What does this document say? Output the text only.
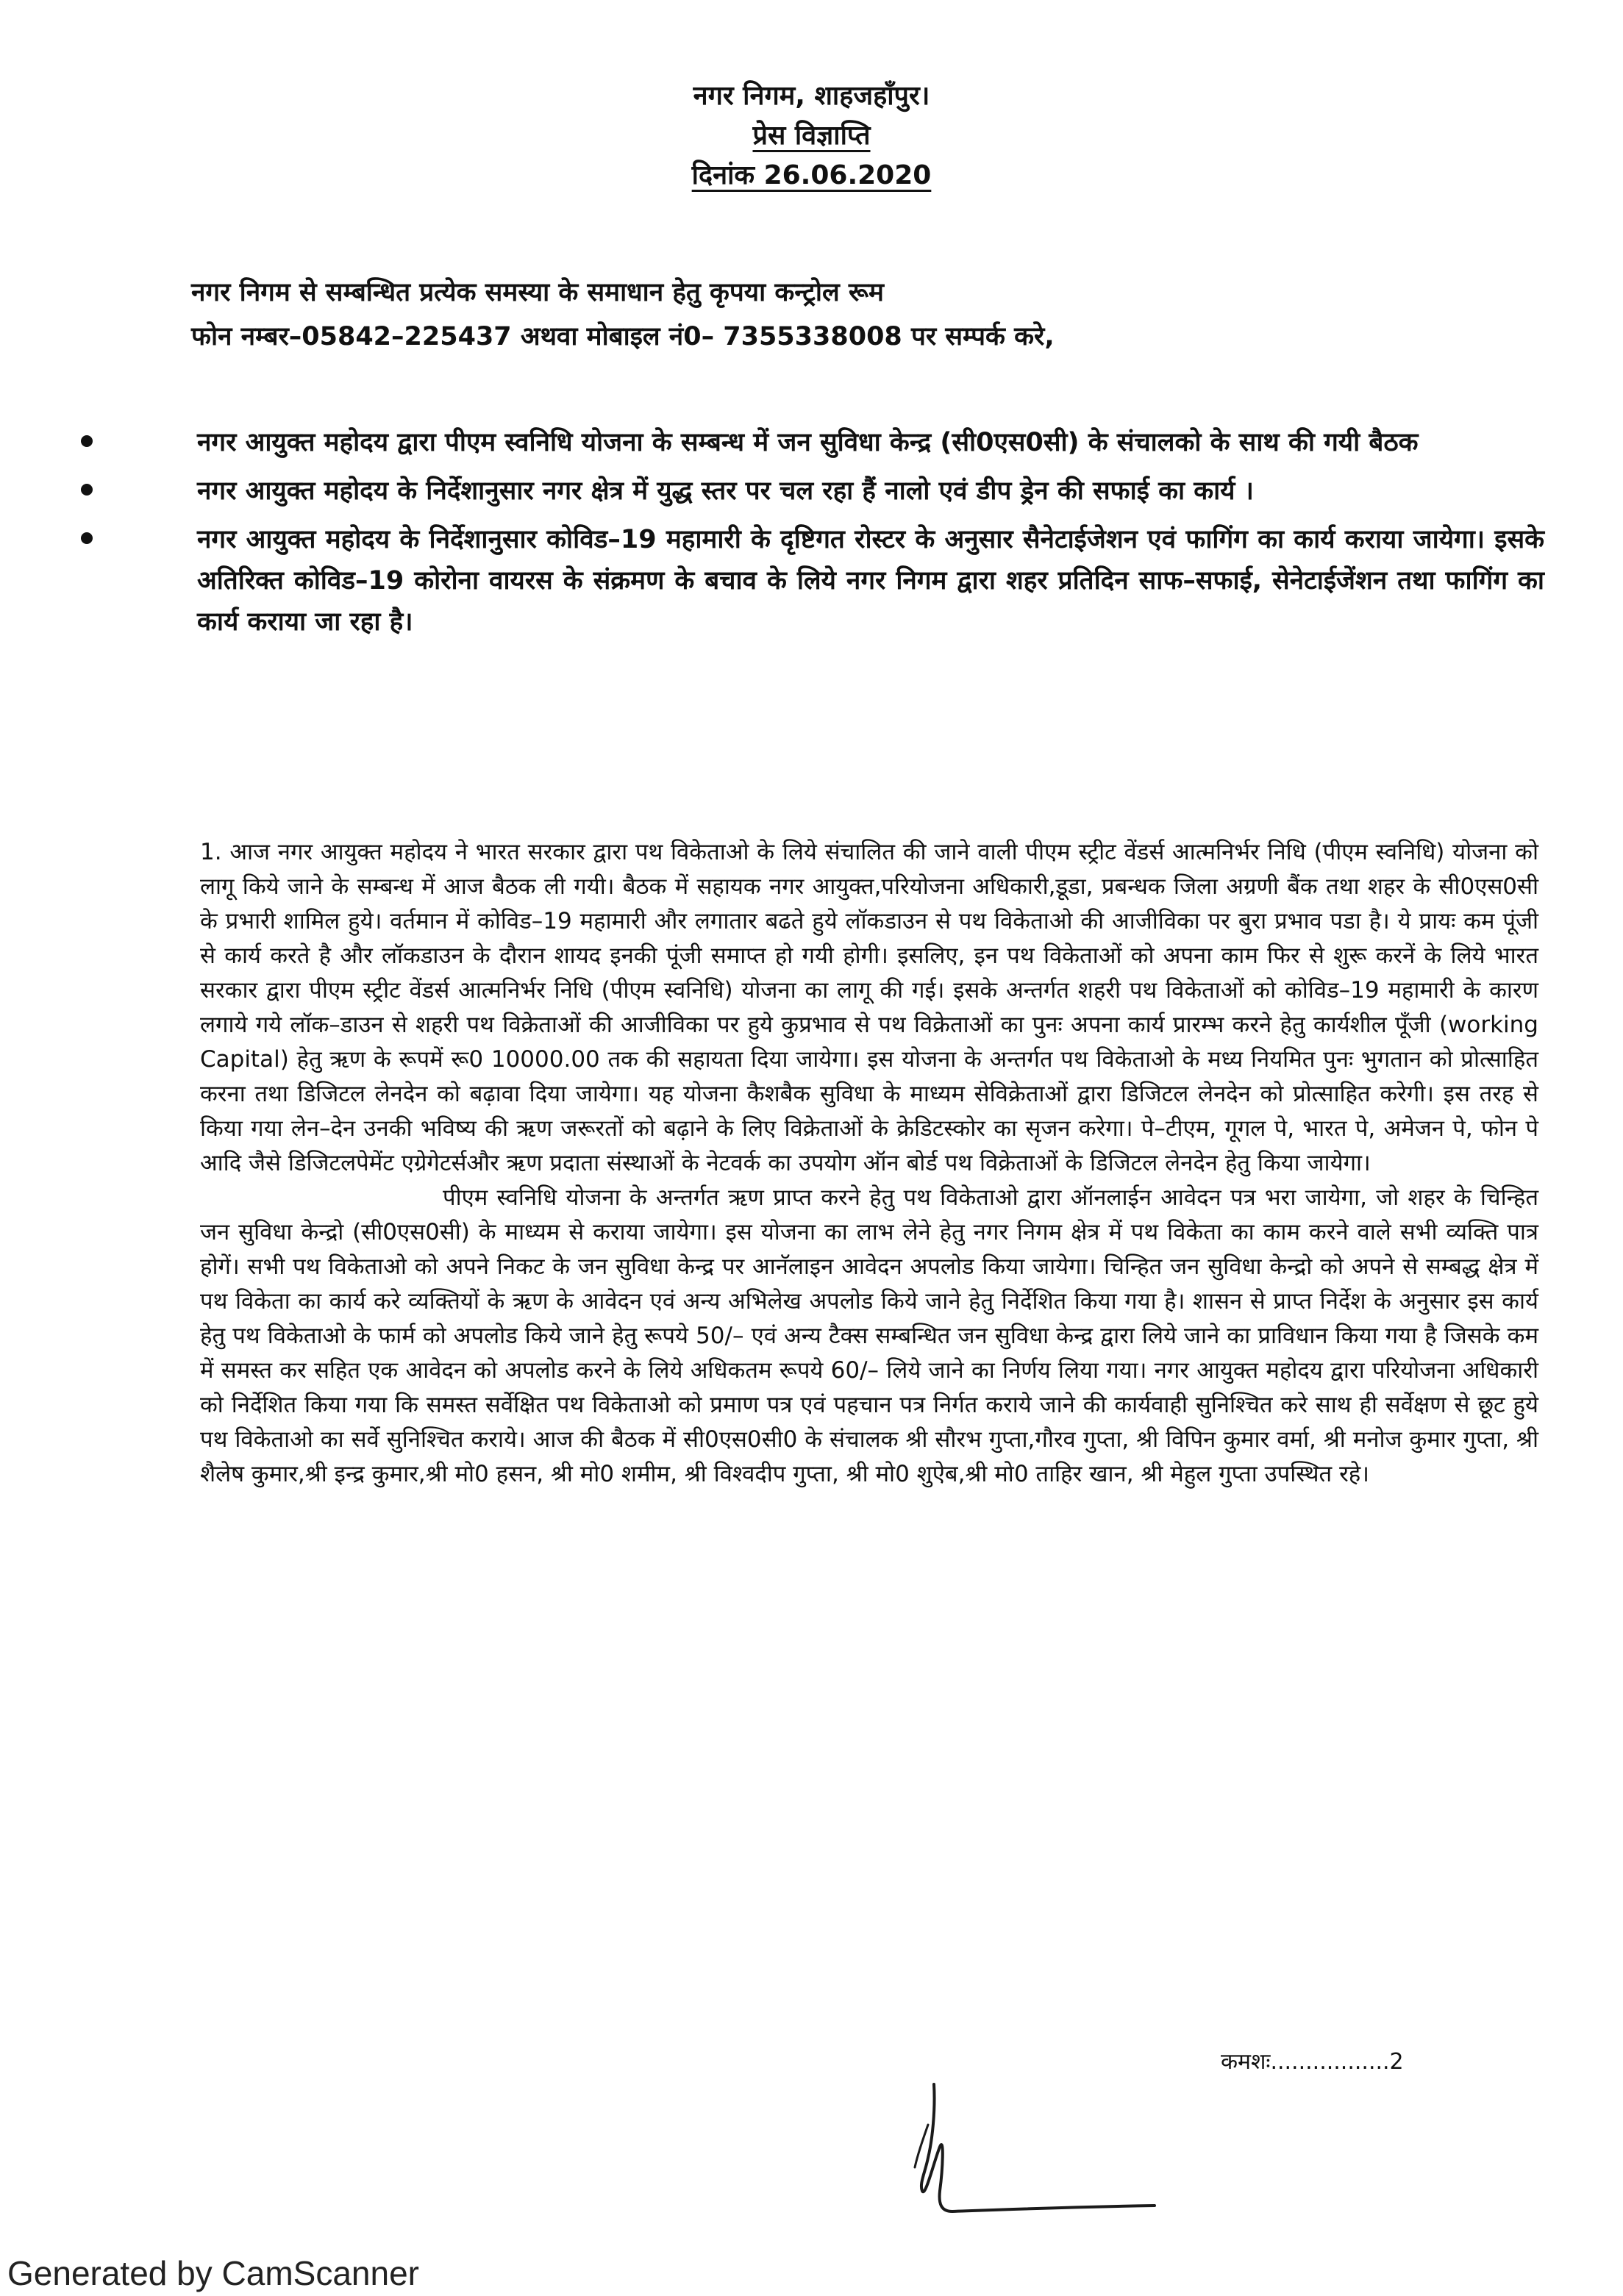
नगर निगम, शाहजहाँपुर।
प्रेस विज्ञाप्ति
दिनांक 26.06.2020
नगर निगम से सम्बन्धित प्रत्येक समस्या के समाधान हेतु कृपया कन्ट्रोल रूम
फोन नम्बर–05842–225437 अथवा मोबाइल नं0– 7355338008 पर सम्पर्क करे,
नगर आयुक्त महोदय द्वारा पीएम स्वनिधि योजना के सम्बन्ध में जन सुविधा केन्द्र (सी0एस0सी) के संचालको के साथ की गयी बैठक
नगर आयुक्त महोदय के निर्देशानुसार नगर क्षेत्र में युद्ध स्तर पर चल रहा हैं नालो एवं डीप ड्रेन की सफाई का कार्य ।
नगर आयुक्त महोदय के निर्देशानुसार कोविड–19 महामारी के दृष्टिगत रोस्टर के अनुसार सैनेटाईजेशन एवं फागिंग का कार्य कराया जायेगा। इसके अतिरिक्त कोविड–19 कोरोना वायरस के संक्रमण के बचाव के लिये नगर निगम द्वारा शहर प्रतिदिन साफ–सफाई, सेनेटाईजेंशन तथा फागिंग का कार्य कराया जा रहा है।

1. आज नगर आयुक्त महोदय ने भारत सरकार द्वारा पथ विकेताओ के लिये संचालित की जाने वाली पीएम स्ट्रीट वेंडर्स आत्मनिर्भर निधि (पीएम स्वनिधि) योजना को लागू किये जाने के सम्बन्ध में आज बैठक ली गयी। बैठक में सहायक नगर आयुक्त,परियोजना अधिकारी,डूडा, प्रबन्धक जिला अग्रणी बैंक तथा शहर के सी0एस0सी के प्रभारी शामिल हुये। वर्तमान में कोविड–19 महामारी और लगातार बढते हुये लॉकडाउन से पथ विकेताओ की आजीविका पर बुरा प्रभाव पडा है। ये प्रायः कम पूंजी से कार्य करते है और लॉकडाउन के दौरान शायद इनकी पूंजी समाप्त हो गयी होगी। इसलिए, इन पथ विकेताओं को अपना काम फिर से शुरू करनें के लिये भारत सरकार द्वारा पीएम स्ट्रीट वेंडर्स आत्मनिर्भर निधि (पीएम स्वनिधि) योजना का लागू की गई। इसके अन्तर्गत शहरी पथ विकेताओं को कोविड–19 महामारी के कारण लगाये गये लॉक–डाउन से शहरी पथ विक्रेताओं की आजीविका पर हुये कुप्रभाव से पथ विक्रेताओं का पुनः अपना कार्य प्रारम्भ करने हेतु कार्यशील पूँजी (working Capital) हेतु ऋण के रूपमें रू0 10000.00 तक की सहायता दिया जायेगा। इस योजना के अन्तर्गत पथ विकेताओ के मध्य नियमित पुनः भुगतान को प्रोत्साहित करना तथा डिजिटल लेनदेन को बढ़ावा दिया जायेगा। यह योजना कैशबैक सुविधा के माध्यम सेविक्रेताओं द्वारा डिजिटल लेनदेन को प्रोत्साहित करेगी। इस तरह से किया गया लेन–देन उनकी भविष्य की ऋण जरूरतों को बढ़ाने के लिए विक्रेताओं के क्रेडिटस्कोर का सृजन करेगा। पे–टीएम, गूगल पे, भारत पे, अमेजन पे, फोन पे आदि जैसे डिजिटलपेमेंट एग्रेगेटर्सऔर ऋण प्रदाता संस्थाओं के नेटवर्क का उपयोग ऑन बोर्ड पथ विक्रेताओं के डिजिटल लेनदेन हेतु किया जायेगा।

पीएम स्वनिधि योजना के अन्तर्गत ऋण प्राप्त करने हेतु पथ विकेताओ द्वारा ऑनलाईन आवेदन पत्र भरा जायेगा, जो शहर के चिन्हित जन सुविधा केन्द्रो (सी0एस0सी) के माध्यम से कराया जायेगा। इस योजना का लाभ लेने हेतु नगर निगम क्षेत्र में पथ विकेता का काम करने वाले सभी व्यक्ति पात्र होगें। सभी पथ विकेताओ को अपने निकट के जन सुविधा केन्द्र पर आनॅलाइन आवेदन अपलोड किया जायेगा। चिन्हित जन सुविधा केन्द्रो को अपने से सम्बद्ध क्षेत्र में पथ विकेता का कार्य करे व्यक्तियों के ऋण के आवेदन एवं अन्य अभिलेख अपलोड किये जाने हेतु निर्देशित किया गया है। शासन से प्राप्त निर्देश के अनुसार इस कार्य हेतु पथ विकेताओ के फार्म को अपलोड किये जाने हेतु रूपये 50/– एवं अन्य टैक्स सम्बन्धित जन सुविधा केन्द्र द्वारा लिये जाने का प्राविधान किया गया है जिसके कम में समस्त कर सहित एक आवेदन को अपलोड करने के लिये अधिकतम रूपये 60/– लिये जाने का निर्णय लिया गया। नगर आयुक्त महोदय द्वारा परियोजना अधिकारी को निर्देशित किया गया कि समस्त सर्वेक्षित पथ विकेताओ को प्रमाण पत्र एवं पहचान पत्र निर्गत कराये जाने की कार्यवाही सुनिश्चित करे साथ ही सर्वेक्षण से छूट हुये पथ विकेताओ का सर्वे सुनिश्चित कराये। आज की बैठक में सी0एस0सी0 के संचालक श्री सौरभ गुप्ता,गौरव गुप्ता, श्री विपिन कुमार वर्मा, श्री मनोज कुमार गुप्ता, श्री शैलेष कुमार,श्री इन्द्र कुमार,श्री मो0 हसन, श्री मो0 शमीम, श्री विश्वदीप गुप्ता, श्री मो0 शुऐब,श्री मो0 ताहिर खान, श्री मेहुल गुप्ता उपस्थित रहे।

कमशः.................2
Generated by CamScanner
